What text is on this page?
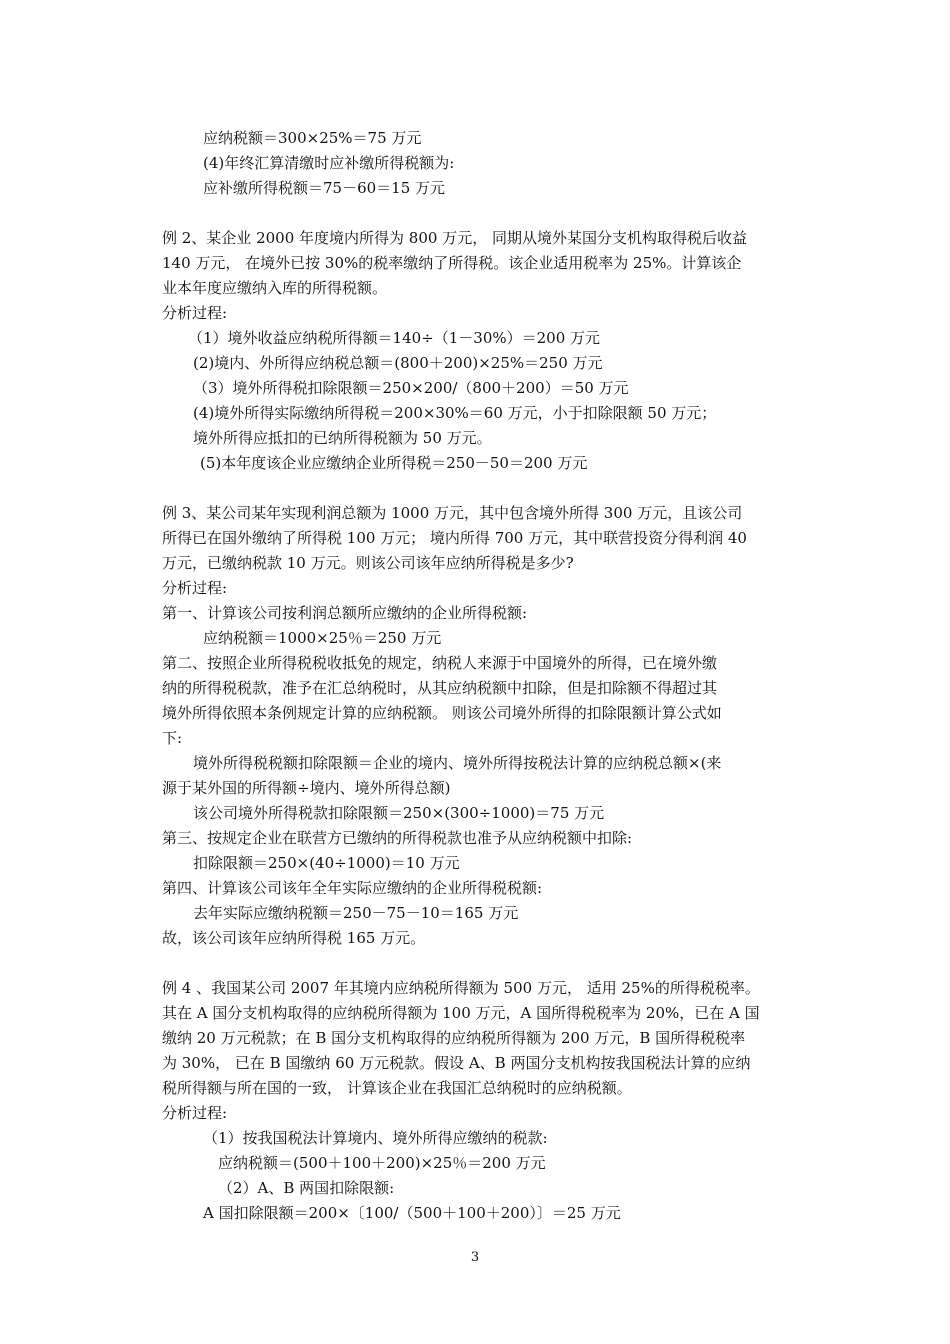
应纳税额＝300×25%＝75 万元
(4)年终汇算清缴时应补缴所得税额为:
应补缴所得税额＝75－60＝15 万元
例 2、某企业 2000 年度境内所得为 800 万元， 同期从境外某国分支机构取得税后收益
140 万元， 在境外已按 30%的税率缴纳了所得税。该企业适用税率为 25%。计算该企
业本年度应缴纳入库的所得税额。
分析过程:
（1）境外收益应纳税所得额＝140÷（1－30%）＝200 万元
(2)境内、外所得应纳税总额＝(800＋200)×25%＝250 万元
（3）境外所得税扣除限额＝250×200/（800＋200）＝50 万元
(4)境外所得实际缴纳所得税＝200×30%＝60 万元，小于扣除限额 50 万元；
境外所得应抵扣的已纳所得税额为 50 万元。
(5)本年度该企业应缴纳企业所得税＝250－50＝200 万元
例 3、某公司某年实现利润总额为 1000 万元，其中包含境外所得 300 万元，且该公司
所得已在国外缴纳了所得税 100 万元； 境内所得 700 万元，其中联营投资分得利润 40
万元，已缴纳税款 10 万元。则该公司该年应纳所得税是多少?
分析过程:
第一、计算该公司按利润总额所应缴纳的企业所得税额:
应纳税额＝1000×25％＝250 万元
第二、按照企业所得税税收抵免的规定，纳税人来源于中国境外的所得，已在境外缴
纳的所得税税款，准予在汇总纳税时，从其应纳税额中扣除，但是扣除额不得超过其
境外所得依照本条例规定计算的应纳税额。 则该公司境外所得的扣除限额计算公式如
下:
境外所得税税额扣除限额＝企业的境内、境外所得按税法计算的应纳税总额×(来
源于某外国的所得额÷境内、境外所得总额)
该公司境外所得税款扣除限额＝250×(300÷1000)＝75 万元
第三、按规定企业在联营方已缴纳的所得税款也准予从应纳税额中扣除:
扣除限额＝250×(40÷1000)＝10 万元
第四、计算该公司该年全年实际应缴纳的企业所得税税额:
去年实际应缴纳税额＝250－75－10＝165 万元
故，该公司该年应纳所得税 165 万元。
例 4 、我国某公司 2007 年其境内应纳税所得额为 500 万元， 适用 25%的所得税税率。
其在 A 国分支机构取得的应纳税所得额为 100 万元，A 国所得税税率为 20%，已在 A 国
缴纳 20 万元税款；在 B 国分支机构取得的应纳税所得额为 200 万元，B 国所得税税率
为 30%， 已在 B 国缴纳 60 万元税款。假设 A、B 两国分支机构按我国税法计算的应纳
税所得额与所在国的一致， 计算该企业在我国汇总纳税时的应纳税额。
分析过程:
（1）按我国税法计算境内、境外所得应缴纳的税款:
应纳税额＝(500＋100＋200)×25％＝200 万元
（2）A、B 两国扣除限额:
A 国扣除限额＝200×〔100/（500＋100＋200）〕＝25 万元
3
